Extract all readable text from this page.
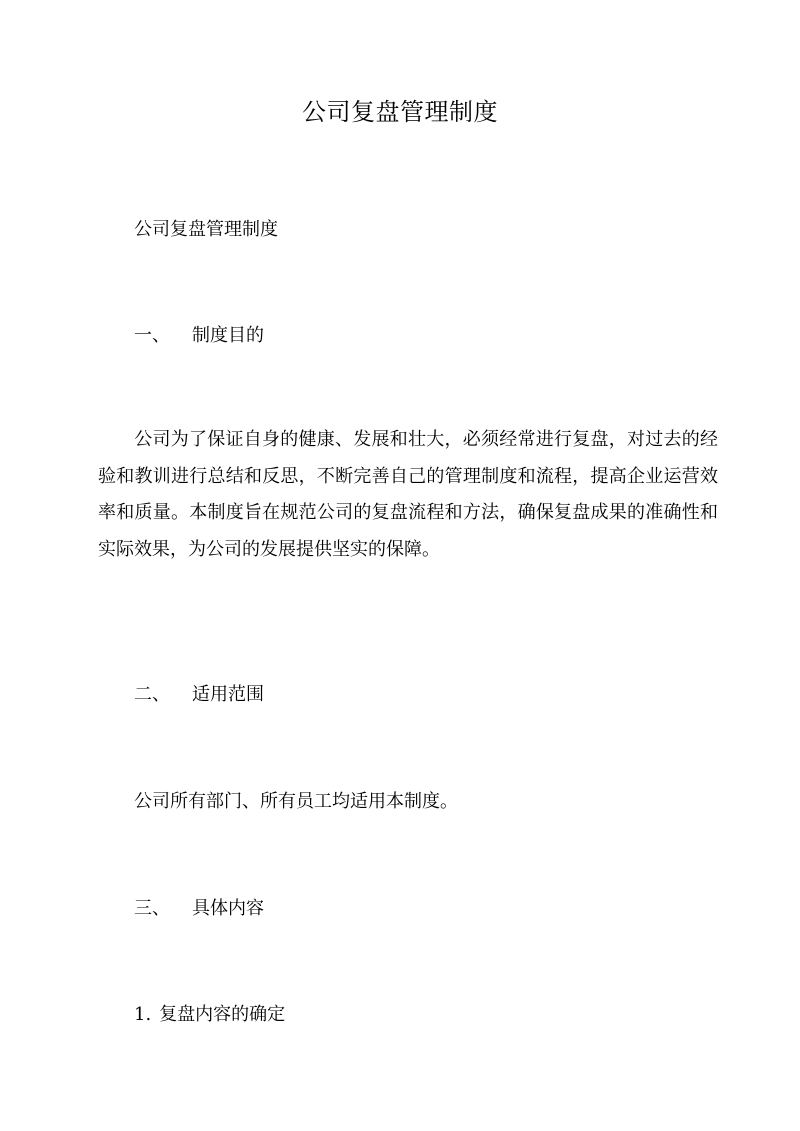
公司复盘管理制度
公司复盘管理制度
一、 制度目的
公司为了保证自身的健康、发展和壮大，必须经常进行复盘，对过去的经验和教训进行总结和反思，不断完善自己的管理制度和流程，提高企业运营效率和质量。本制度旨在规范公司的复盘流程和方法，确保复盘成果的准确性和实际效果，为公司的发展提供坚实的保障。
二、 适用范围
公司所有部门、所有员工均适用本制度。
三、 具体内容
1. 复盘内容的确定
